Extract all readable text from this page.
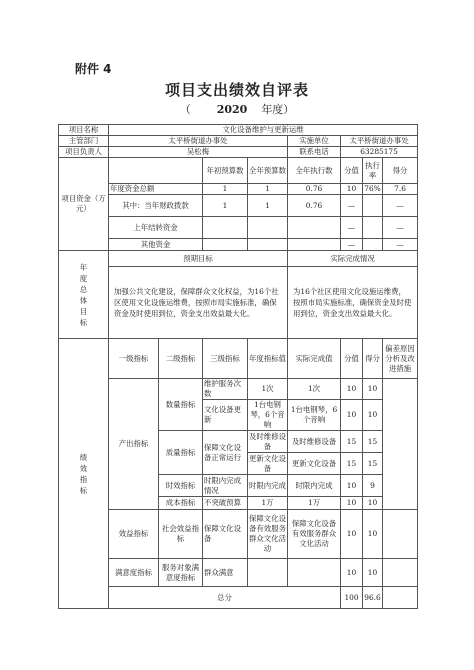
附件 4
项目支出绩效自评表
（ 2020 年度）
项目名称	文化设备维护与更新运维							
主管部门	太平桥街道办事处				实施单位	太平桥街道办事处		
项目负责人	吴松梅				联系电话	63285175		
项目资金（万元）			年初预算数	全年预算数	全年执行数	分值	执行率	得分
	年度资金总额		1	1	0.76	10	76%	7.6
	其中：当年财政拨款		1	1	0.76	—		—
	上年结转资金					—		—
	其他资金					—		—

年度总体目标	预期目标				实际完成情况			
	加强公共文化建设，保障群众文化权益，为16个社区使用文化设施运维费，按照市局实施标准，确保资金及时使用到位，资金支出效益最大化。				为16个社区使用文化设施运维费，按照市局实施标准，确保资金及时使用到位，资金支出效益最大化。			

绩效指标	一级指标	二级指标	三级指标	年度指标值	实际完成值	分值	得分	偏差原因分析及改进措施
	产出指标	数量指标	维护服务次数	1次	1次	10	10	
			文化设备更新	1台电钢琴，6个音响	1台电钢琴，6个音响	10	10	
		质量指标	保障文化设备正常运行	及时维修设备	及时维修设备	15	15	
				更新文化设备	更新文化设备	15	15	
		时效指标	时限内完成情况	时限内完成	时限内完成	10	9	
		成本指标	不突破预算	1万	1万	10	10	
	效益指标	社会效益指标	保障文化设备	保障文化设备有效服务群众文化活动	保障文化设备有效服务群众文化活动	10	10	
	满意度指标	服务对象满意度指标	群众满意			10	10	
	总分					100	96.6	
